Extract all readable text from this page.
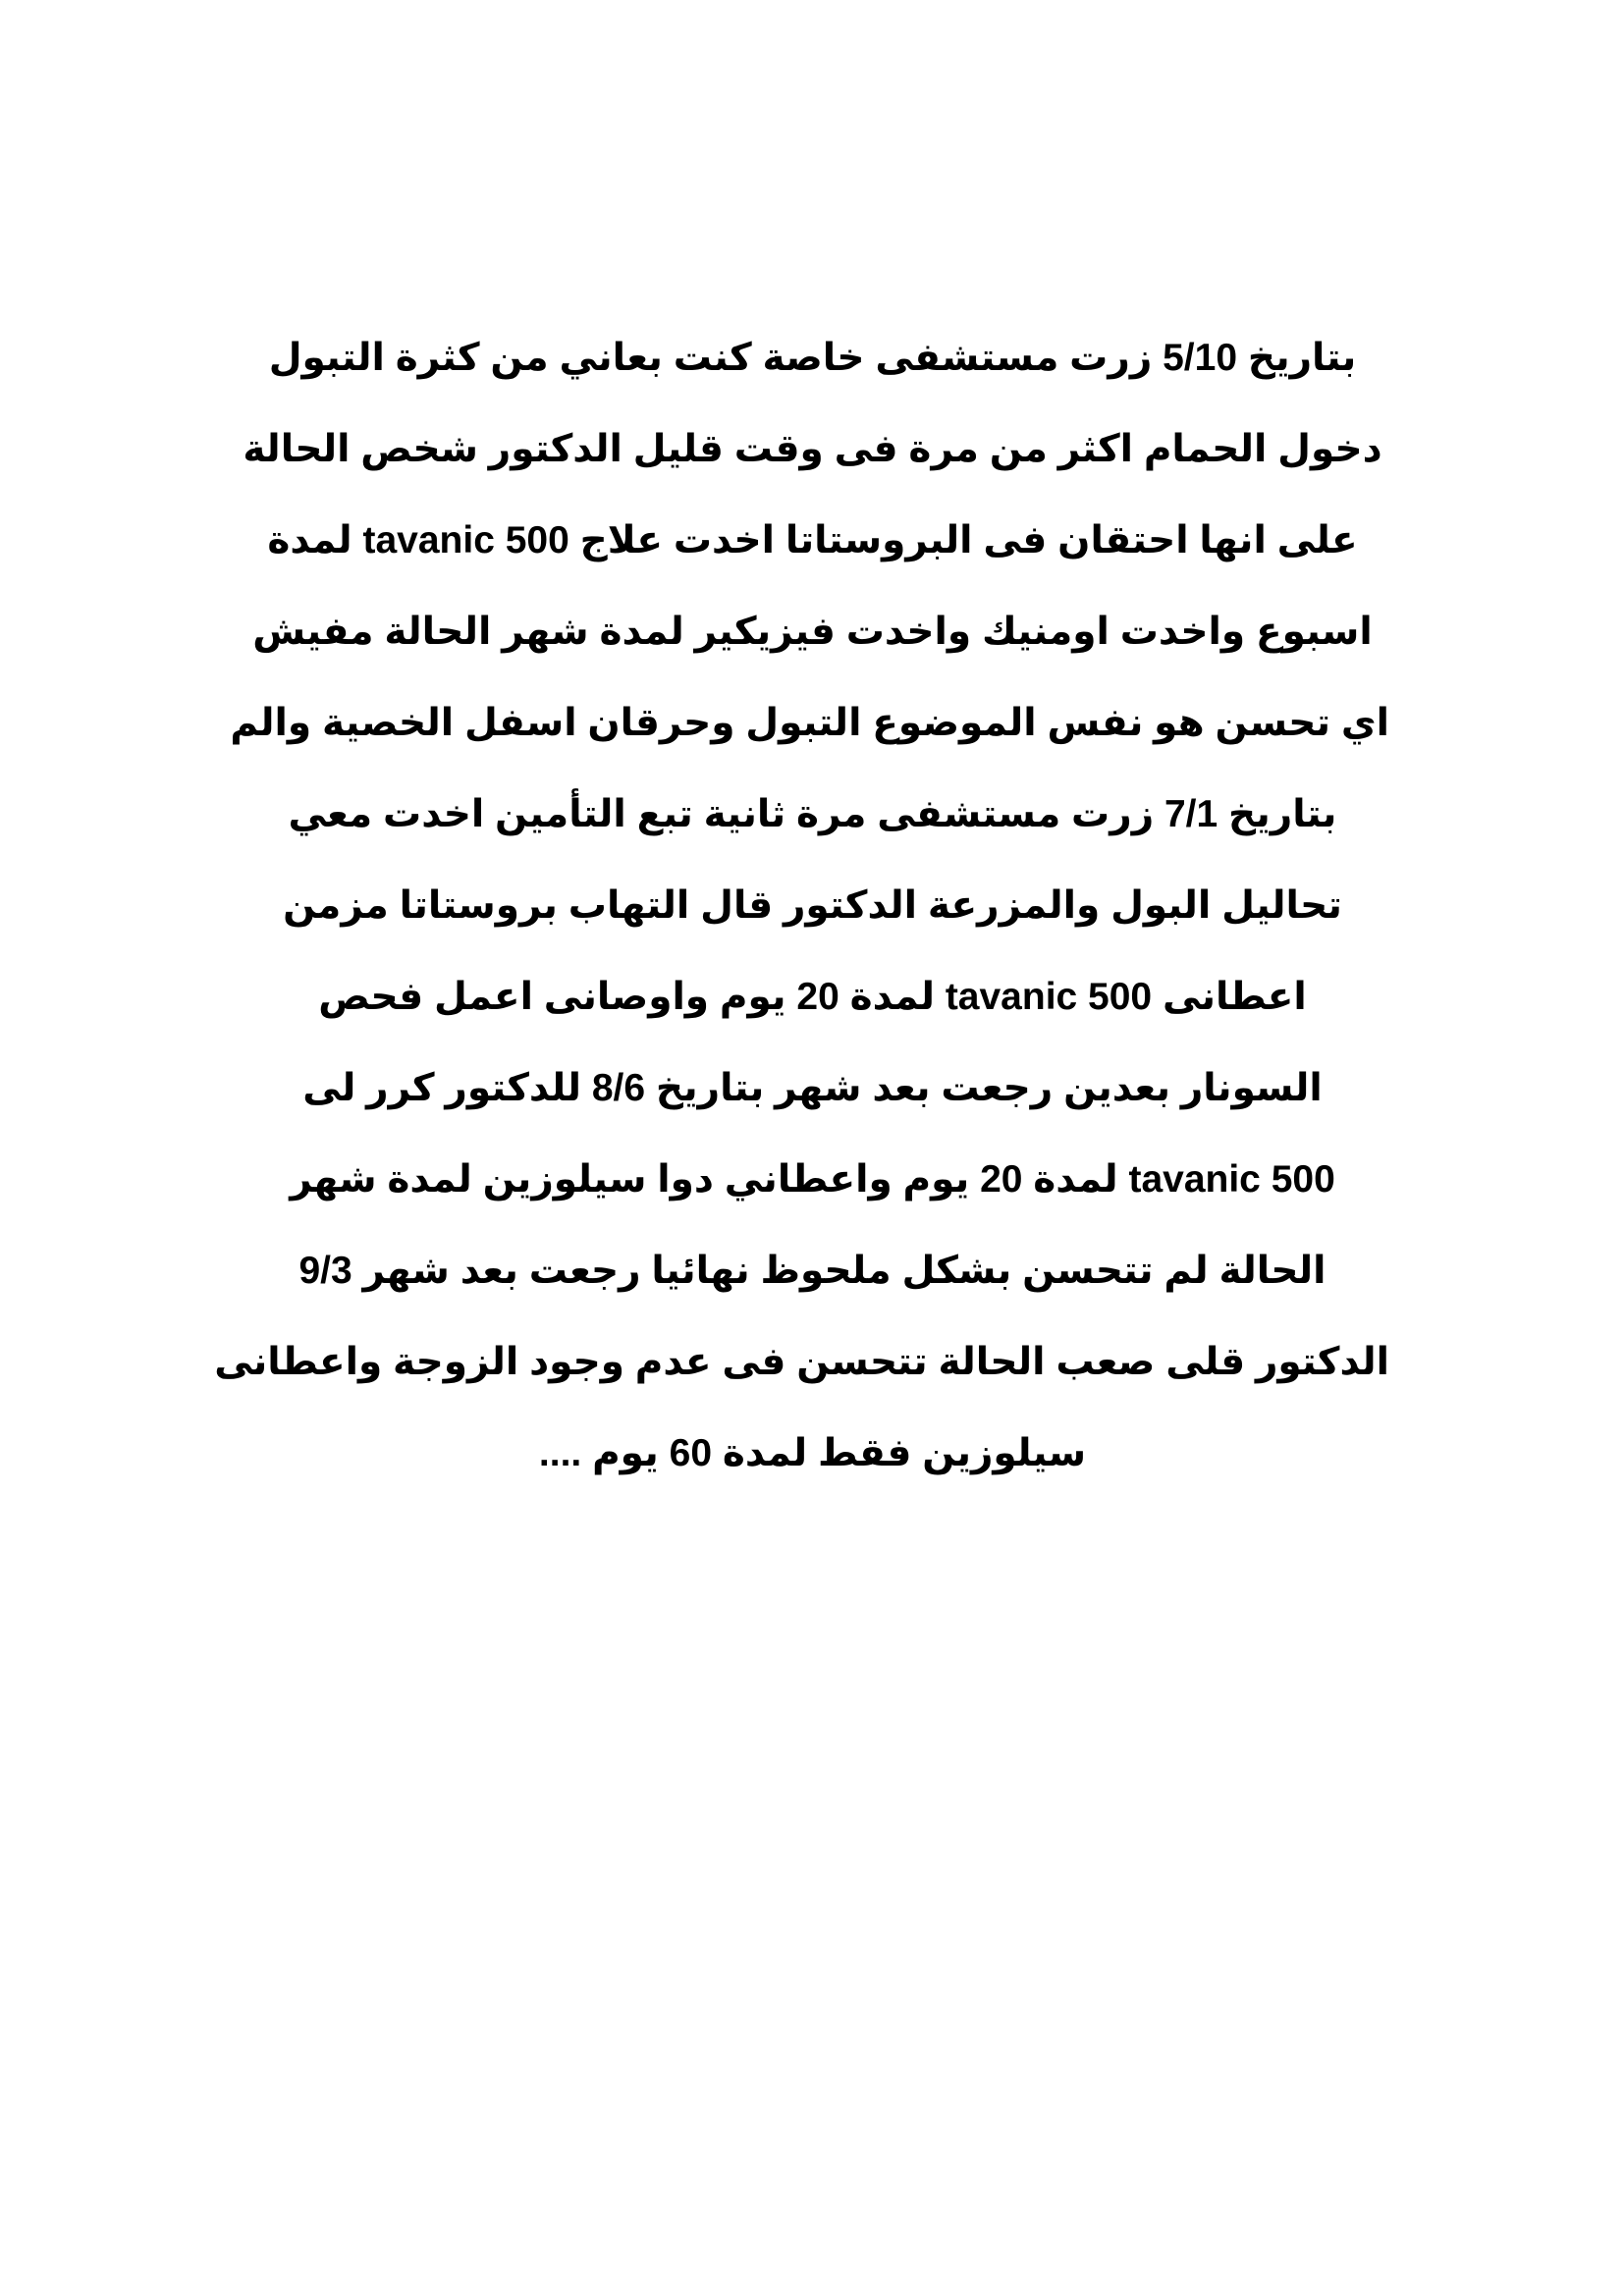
بتاريخ 5/10 زرت مستشفى خاصة كنت بعاني من كثرة التبول
دخول الحمام اكثر من مرة فى وقت قليل الدكتور شخص الحالة
على انها احتقان فى البروستاتا اخدت علاج tavanic 500 لمدة
اسبوع واخدت اومنيك واخدت فيزيكير لمدة شهر الحالة مفيش
اي تحسن هو نفس الموضوع التبول وحرقان اسفل الخصية والم
بتاريخ 7/1 زرت مستشفى مرة ثانية تبع التأمين اخدت معي
تحاليل البول والمزرعة الدكتور قال التهاب بروستاتا مزمن
اعطانى tavanic 500 لمدة 20 يوم واوصانى اعمل فحص
السونار بعدين رجعت بعد شهر بتاريخ 8/6 للدكتور كرر لى
tavanic 500 لمدة 20 يوم واعطاني دوا سيلوزين لمدة شهر
الحالة لم تتحسن بشكل ملحوظ نهائيا رجعت بعد شهر 9/3
الدكتور قلى صعب الحالة تتحسن فى عدم وجود الزوجة واعطانى
سيلوزين فقط لمدة 60 يوم ....
